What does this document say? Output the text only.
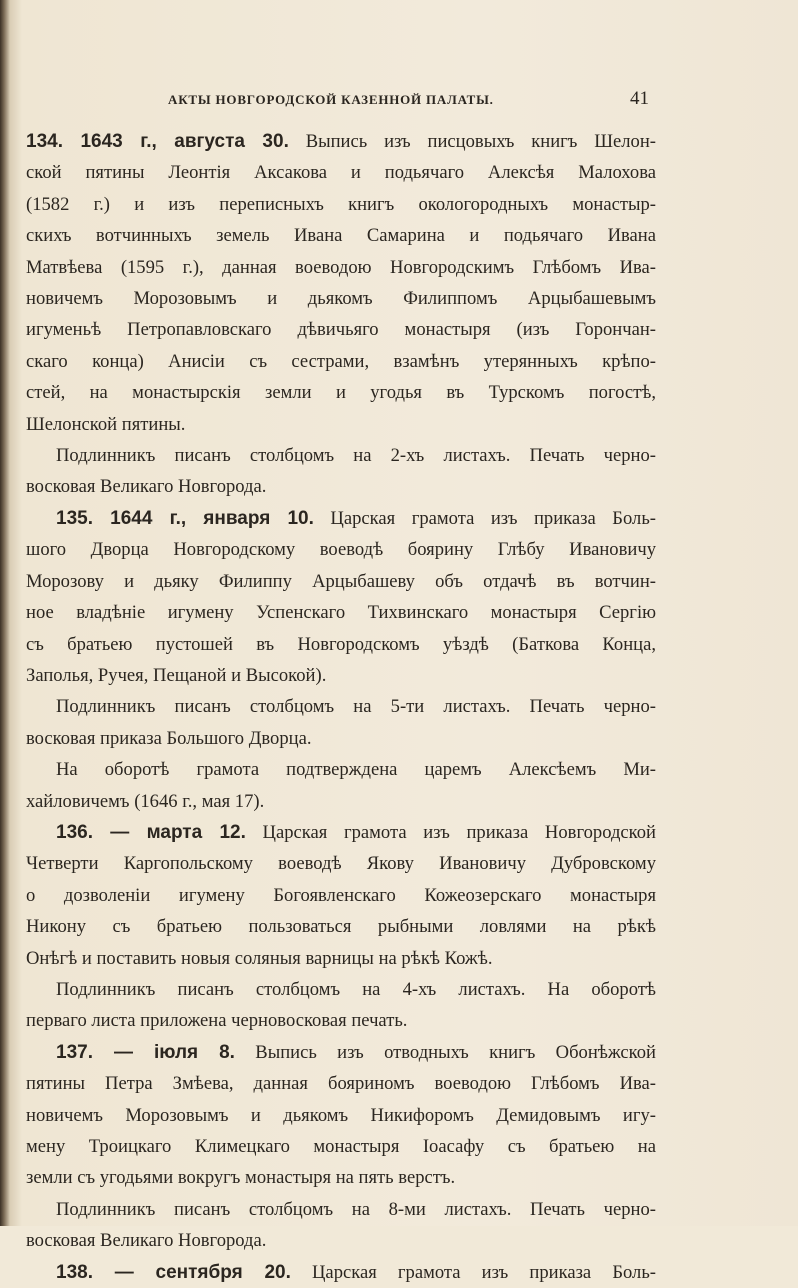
АКТЫ НОВГОРОДСКОЙ КАЗЕННОЙ ПАЛАТЫ.	41
134. 1643 г., августа 30. Выпись изъ писцовыхъ книгъ Шелон-
ской пятины Леонтія Аксакова и подьячаго Алексѣя Малохова
(1582 г.) и изъ переписныхъ книгъ окологородныхъ монастыр-
скихъ вотчинныхъ земель Ивана Самарина и подьячаго Ивана
Матвѣева (1595 г.), данная воеводою Новгородскимъ Глѣбомъ Ива-
новичемъ Морозовымъ и дьякомъ Филиппомъ Арцыбашевымъ
игуменьѣ Петропавловскаго дѣвичьяго монастыря (изъ Горончан-
скаго конца) Анисіи съ сестрами, взамѣнъ утерянныхъ крѣпо-
стей, на монастырскія земли и угодья въ Турскомъ погостѣ,
Шелонской пятины.
Подлинникъ писанъ столбцомъ на 2-хъ листахъ. Печать черно-
восковая Великаго Новгорода.
135. 1644 г., января 10. Царская грамота изъ приказа Боль-
шого Дворца Новгородскому воеводѣ боярину Глѣбу Ивановичу
Морозову и дьяку Филиппу Арцыбашеву объ отдачѣ въ вотчин-
ное владѣніе игумену Успенскаго Тихвинскаго монастыря Сергію
съ братьею пустошей въ Новгородскомъ уѣздѣ (Баткова Конца,
Заполья, Ручея, Пещаной и Высокой).
Подлинникъ писанъ столбцомъ на 5-ти листахъ. Печать черно-
восковая приказа Большого Дворца.
На оборотѣ грамота подтверждена царемъ Алексѣемъ Ми-
хайловичемъ (1646 г., мая 17).
136. — марта 12. Царская грамота изъ приказа Новгородской
Четверти Каргопольскому воеводѣ Якову Ивановичу Дубровскому
о дозволеніи игумену Богоявленскаго Кожеозерскаго монастыря
Никону съ братьею пользоваться рыбными ловлями на рѣкѣ
Онѣгѣ и поставить новыя соляныя варницы на рѣкѣ Кожѣ.
Подлинникъ писанъ столбцомъ на 4-хъ листахъ. На оборотѣ
перваго листа приложена черновосковая печать.
137. — іюля 8. Выпись изъ отводныхъ книгъ Обонѣжской
пятины Петра Змѣева, данная бояриномъ воеводою Глѣбомъ Ива-
новичемъ Морозовымъ и дьякомъ Никифоромъ Демидовымъ игу-
мену Троицкаго Климецкаго монастыря Іоасафу съ братьею на
земли съ угодьями вокругъ монастыря на пять верстъ.
Подлинникъ писанъ столбцомъ на 8-ми листахъ. Печать черно-
восковая Великаго Новгорода.
138. — сентября 20. Царская грамота изъ приказа Боль-
